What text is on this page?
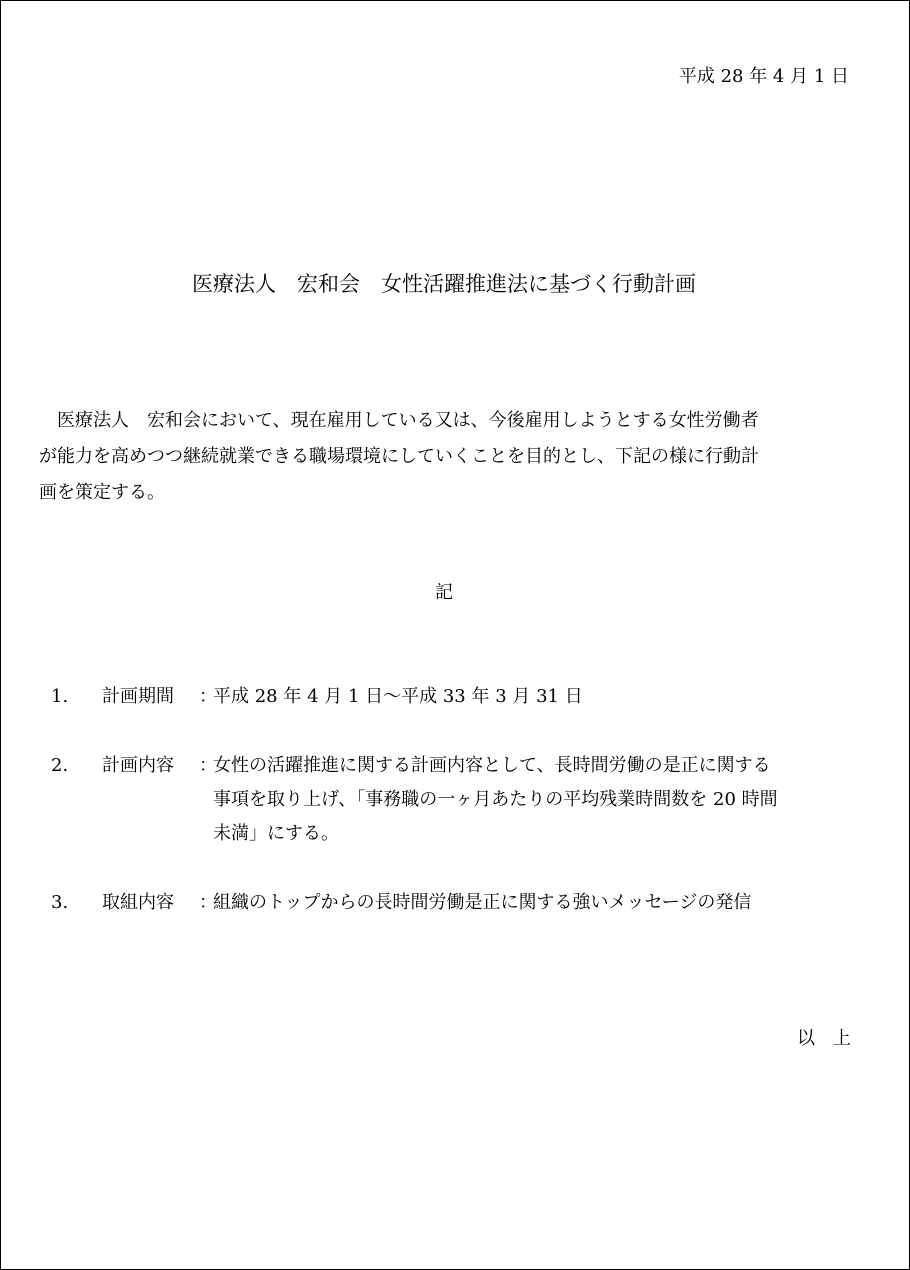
平成 28 年 4 月 1 日
医療法人　宏和会　女性活躍推進法に基づく行動計画
　医療法人　宏和会において、現在雇用している又は、今後雇用しようとする女性労働者
が能力を高めつつ継続就業できる職場環境にしていくことを目的とし、下記の様に行動計
画を策定する。
記
1. 計画期間 ：
平成 28 年 4 月 1 日～平成 33 年 3 月 31 日
2. 計画内容 ：
女性の活躍推進に関する計画内容として、長時間労働の是正に関する
事項を取り上げ、「事務職の一ヶ月あたりの平均残業時間数を 20 時間
未満」にする。
3. 取組内容 ：
組織のトップからの長時間労働是正に関する強いメッセージの発信
以　上
